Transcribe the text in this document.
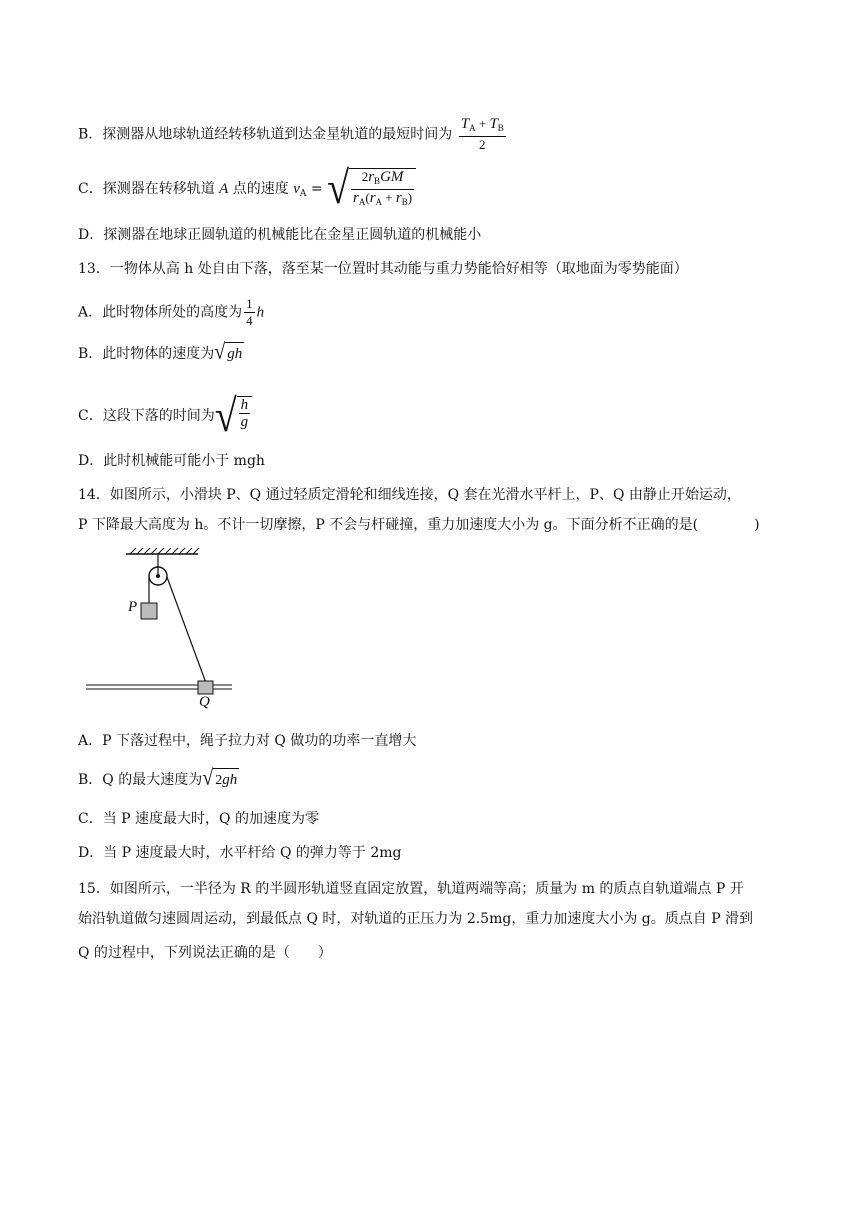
B．探测器从地球轨道经转移轨道到达金星轨道的最短时间为 $\frac{T_A + T_B}{2}$
C．探测器在转移轨道 A 点的速度 $v_A$ = √ $\frac{2r_BGM}{r_A(r_A + r_B)}$
D．探测器在地球正圆轨道的机械能比在金星正圆轨道的机械能小
13．一物体从高 h 处自由下落，落至某一位置时其动能与重力势能恰好相等（取地面为零势能面）
A．此时物体所处的高度为 $\frac{1}{4}$ h
B．此时物体的速度为√ gh
C．这段下落的时间为√ $\frac{h}{g}$
D．此时机械能可能小于 mgh
14．如图所示，小滑块 P、Q 通过轻质定滑轮和细线连接，Q 套在光滑水平杆上，P、Q 由静止开始运动，
P 下降最大高度为 h。不计一切摩擦，P 不会与杆碰撞，重力加速度大小为 g。下面分析不正确的是(　　　　)
P
Q
A．P 下落过程中，绳子拉力对 Q 做功的功率一直增大
B．Q 的最大速度为√ 2gh
C．当 P 速度最大时，Q 的加速度为零
D．当 P 速度最大时，水平杆给 Q 的弹力等于 2mg
15．如图所示，一半径为 R 的半圆形轨道竖直固定放置，轨道两端等高；质量为 m 的质点自轨道端点 P 开
始沿轨道做匀速圆周运动，到最低点 Q 时，对轨道的正压力为 2.5mg，重力加速度大小为 g。质点自 P 滑到
Q 的过程中，下列说法正确的是（　　）
